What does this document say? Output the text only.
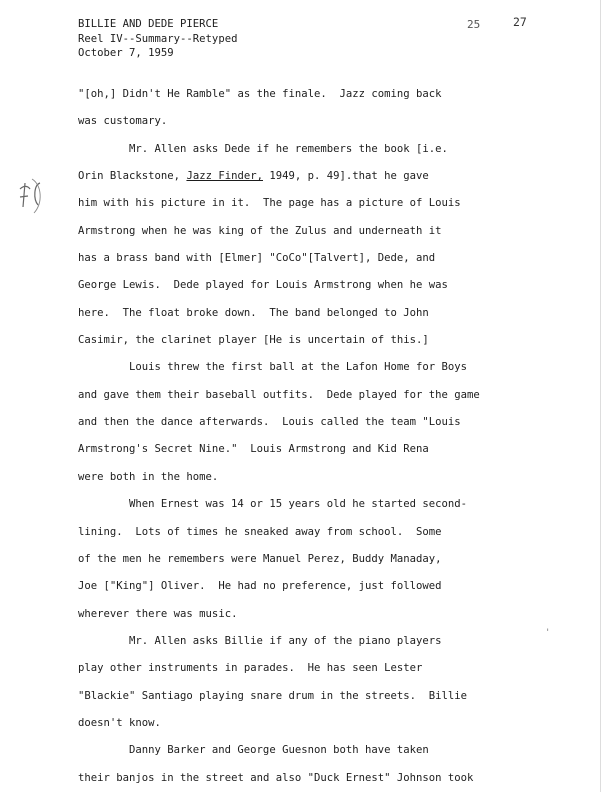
BILLIE AND DEDE PIERCE
Reel IV--Summary--Retyped
October 7, 1959
25	27
"[oh,] Didn't He Ramble" as the finale.  Jazz coming back
was customary.
Mr. Allen asks Dede if he remembers the book [i.e.
Orin Blackstone, Jazz Finder, 1949, p. 49].that he gave
him with his picture in it.  The page has a picture of Louis
Armstrong when he was king of the Zulus and underneath it
has a brass band with [Elmer] "CoCo"[Talvert], Dede, and
George Lewis.  Dede played for Louis Armstrong when he was
here.  The float broke down.  The band belonged to John
Casimir, the clarinet player [He is uncertain of this.]
Louis threw the first ball at the Lafon Home for Boys
and gave them their baseball outfits.  Dede played for the game
and then the dance afterwards.  Louis called the team "Louis
Armstrong's Secret Nine."  Louis Armstrong and Kid Rena
were both in the home.
When Ernest was 14 or 15 years old he started second-
lining.  Lots of times he sneaked away from school.  Some
of the men he remembers were Manuel Perez, Buddy Manaday,
Joe ["King"] Oliver.  He had no preference, just followed
wherever there was music.
Mr. Allen asks Billie if any of the piano players
play other instruments in parades.  He has seen Lester
"Blackie" Santiago playing snare drum in the streets.  Billie
doesn't know.
Danny Barker and George Guesnon both have taken
their banjos in the street and also "Duck Ernest" Johnson took
'
